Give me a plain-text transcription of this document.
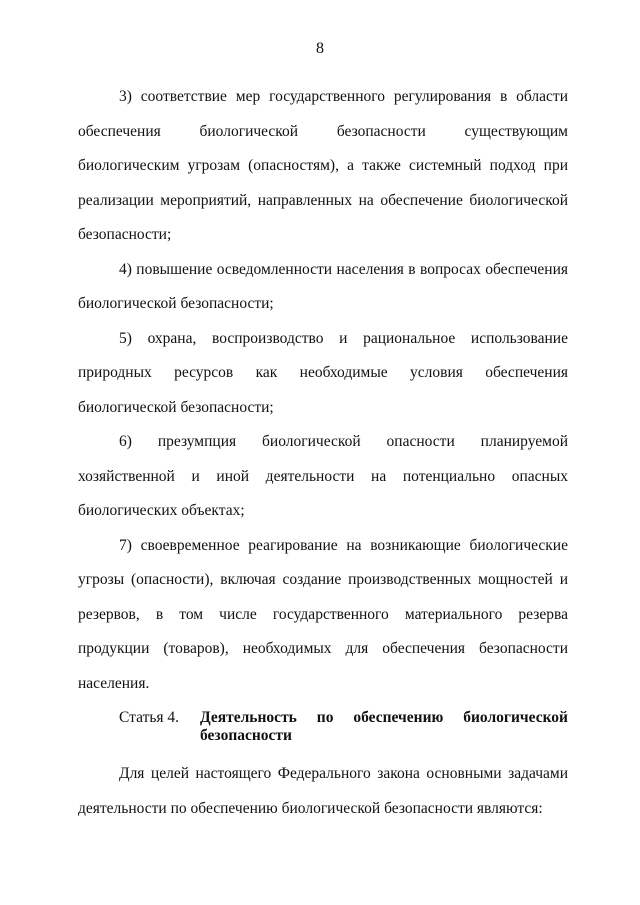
8

3) соответствие мер государственного регулирования в области обеспечения биологической безопасности существующим биологическим угрозам (опасностям), а также системный подход при реализации мероприятий, направленных на обеспечение биологической безопасности;

4) повышение осведомленности населения в вопросах обеспечения биологической безопасности;

5) охрана, воспроизводство и рациональное использование природных ресурсов как необходимые условия обеспечения биологической безопасности;

6) презумпция биологической опасности планируемой хозяйственной и иной деятельности на потенциально опасных биологических объектах;

7) своевременное реагирование на возникающие биологические угрозы (опасности), включая создание производственных мощностей и резервов, в том числе государственного материального резерва продукции (товаров), необходимых для обеспечения безопасности населения.

Статья 4.	Деятельность по обеспечению биологической безопасности

Для целей настоящего Федерального закона основными задачами деятельности по обеспечению биологической безопасности являются:
